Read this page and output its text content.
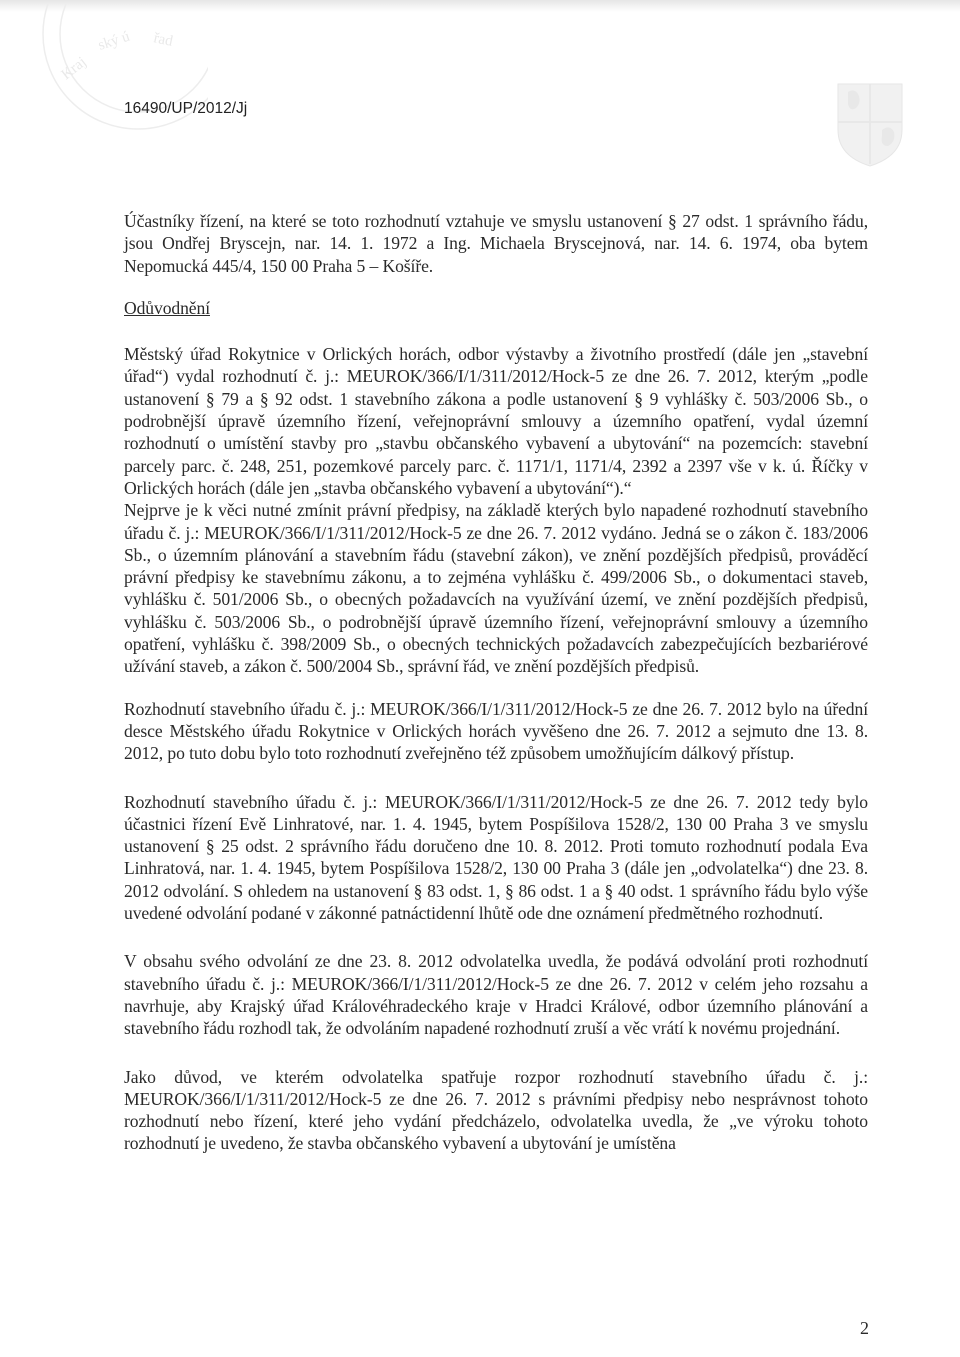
Kraj
ský ú řad
16490/UP/2012/Jj

Účastníky řízení, na které se toto rozhodnutí vztahuje ve smyslu ustanovení § 27 odst. 1 správního řádu, jsou Ondřej Bryscejn, nar. 14. 1. 1972 a Ing. Michaela Bryscejnová, nar. 14. 6. 1974, oba bytem Nepomucká 445/4, 150 00 Praha 5 – Košíře.

Odůvodnění

Městský úřad Rokytnice v Orlických horách, odbor výstavby a životního prostředí (dále jen „stavební úřad“) vydal rozhodnutí č. j.: MEUROK/366/I/1/311/2012/Hock-5 ze dne 26. 7. 2012, kterým „podle ustanovení § 79 a § 92 odst. 1 stavebního zákona a podle ustanovení § 9 vyhlášky č. 503/2006 Sb., o podrobnější úpravě územního řízení, veřejnoprávní smlouvy a územního opatření, vydal územní rozhodnutí o umístění stavby pro „stavbu občanského vybavení a ubytování“ na pozemcích: stavební parcely parc. č. 248, 251, pozemkové parcely parc. č. 1171/1, 1171/4, 2392 a 2397 vše v k. ú. Říčky v Orlických horách (dále jen „stavba občanského vybavení a ubytování“).“

Nejprve je k věci nutné zmínit právní předpisy, na základě kterých bylo napadené rozhodnutí stavebního úřadu č. j.: MEUROK/366/I/1/311/2012/Hock-5 ze dne 26. 7. 2012 vydáno. Jedná se o zákon č. 183/2006 Sb., o územním plánování a stavebním řádu (stavební zákon), ve znění pozdějších předpisů, prováděcí právní předpisy ke stavebnímu zákonu, a to zejména vyhlášku č. 499/2006 Sb., o dokumentaci staveb, vyhlášku č. 501/2006 Sb., o obecných požadavcích na využívání území, ve znění pozdějších předpisů, vyhlášku č. 503/2006 Sb., o podrobnější úpravě územního řízení, veřejnoprávní smlouvy a územního opatření, vyhlášku č. 398/2009 Sb., o obecných technických požadavcích zabezpečujících bezbariérové užívání staveb, a zákon č. 500/2004 Sb., správní řád, ve znění pozdějších předpisů.

Rozhodnutí stavebního úřadu č. j.: MEUROK/366/I/1/311/2012/Hock-5 ze dne 26. 7. 2012 bylo na úřední desce Městského úřadu Rokytnice v Orlických horách vyvěšeno dne 26. 7. 2012 a sejmuto dne 13. 8. 2012, po tuto dobu bylo toto rozhodnutí zveřejněno též způsobem umožňujícím dálkový přístup.

Rozhodnutí stavebního úřadu č. j.: MEUROK/366/I/1/311/2012/Hock-5 ze dne 26. 7. 2012 tedy bylo účastnici řízení Evě Linhratové, nar. 1. 4. 1945, bytem Pospíšilova 1528/2, 130 00 Praha 3 ve smyslu ustanovení § 25 odst. 2 správního řádu doručeno dne 10. 8. 2012. Proti tomuto rozhodnutí podala Eva Linhratová, nar. 1. 4. 1945, bytem Pospíšilova 1528/2, 130 00 Praha 3 (dále jen „odvolatelka“) dne 23. 8. 2012 odvolání. S ohledem na ustanovení § 83 odst. 1, § 86 odst. 1 a § 40 odst. 1 správního řádu bylo výše uvedené odvolání podané v zákonné patnáctidenní lhůtě ode dne oznámení předmětného rozhodnutí.

V obsahu svého odvolání ze dne 23. 8. 2012 odvolatelka uvedla, že podává odvolání proti rozhodnutí stavebního úřadu č. j.: MEUROK/366/I/1/311/2012/Hock-5 ze dne 26. 7. 2012 v celém jeho rozsahu a navrhuje, aby Krajský úřad Královéhradeckého kraje v Hradci Králové, odbor územního plánování a stavebního řádu rozhodl tak, že odvoláním napadené rozhodnutí zruší a věc vrátí k novému projednání.

Jako důvod, ve kterém odvolatelka spatřuje rozpor rozhodnutí stavebního úřadu č. j.: MEUROK/366/I/1/311/2012/Hock-5 ze dne 26. 7. 2012 s právními předpisy nebo nesprávnost tohoto rozhodnutí nebo řízení, které jeho vydání předcházelo, odvolatelka uvedla, že „ve výroku tohoto rozhodnutí je uvedeno, že stavba občanského vybavení a ubytování je umístěna

2
